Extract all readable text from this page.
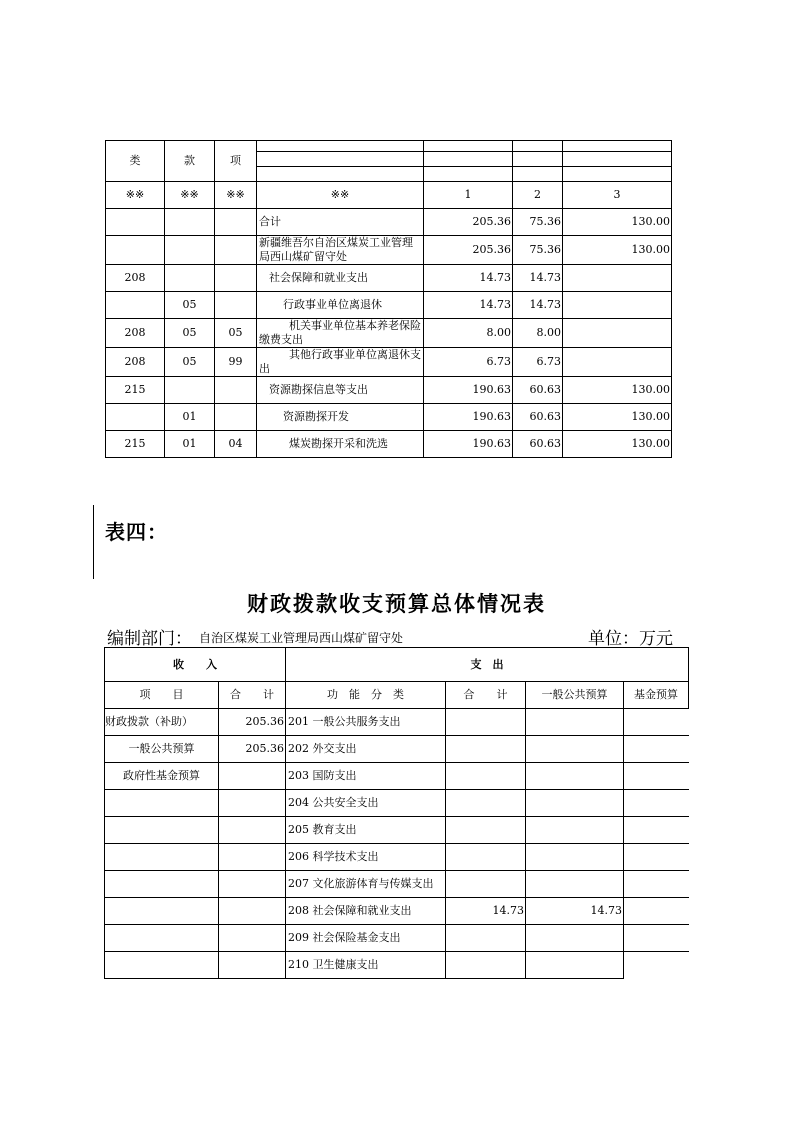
类	款	项				

※※	※※	※※	※※	1	2	3
			合计	205.36	75.36	130.00
			新疆维吾尔自治区煤炭工业管理局西山煤矿留守处	205.36	75.36	130.00
208			社会保障和就业支出	14.73	14.73	
	05		行政事业单位离退休	14.73	14.73	
208	05	05	机关事业单位基本养老保险缴费支出	8.00	8.00	
208	05	99	其他行政事业单位离退休支出	6.73	6.73	
215			资源勘探信息等支出	190.63	60.63	130.00
	01		资源勘探开发	190.63	60.63	130.00
215	01	04	煤炭勘探开采和洗选	190.63	60.63	130.00
表四：
财政拨款收支预算总体情况表
编制部门： 自治区煤炭工业管理局西山煤矿留守处	单位：万元
收　　入		支　出			
项　　目	合　　计	功　能　分　类	合　　计	一般公共预算	基金预算
财政拨款（补助）	205.36	201 一般公共服务支出			
一般公共预算	205.36	202 外交支出			
政府性基金预算		203 国防支出			
		204 公共安全支出			
		205 教育支出			
		206 科学技术支出			
		207 文化旅游体育与传媒支出			
		208 社会保障和就业支出	14.73	14.73	
		209 社会保险基金支出			
		210 卫生健康支出			
